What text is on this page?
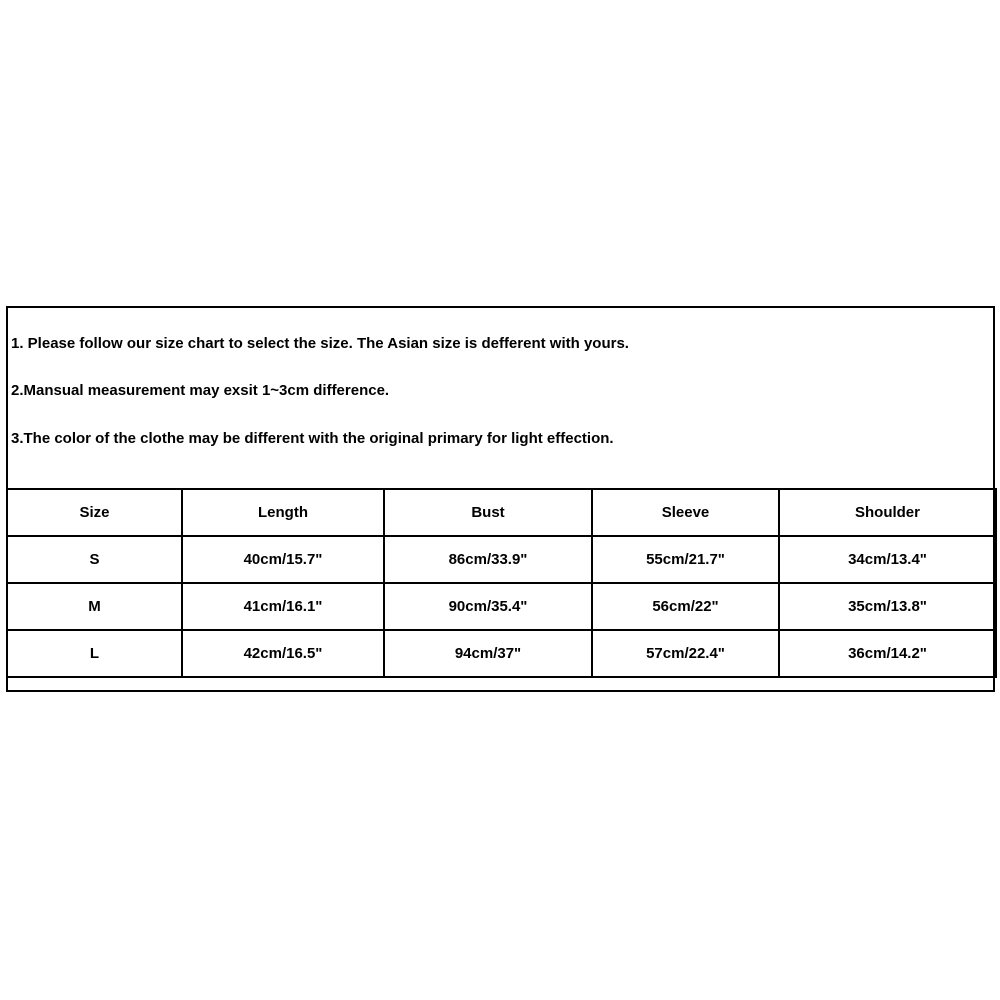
1. Please follow our size chart to select the size. The Asian size is defferent with yours.
2.Mansual measurement may exsit 1~3cm difference.
3.The color of the clothe may be different with the original primary for light effection.
Size	Length	Bust	Sleeve	Shoulder
S	40cm/15.7"	86cm/33.9"	55cm/21.7"	34cm/13.4"
M	41cm/16.1"	90cm/35.4"	56cm/22"	35cm/13.8"
L	42cm/16.5"	94cm/37"	57cm/22.4"	36cm/14.2"
